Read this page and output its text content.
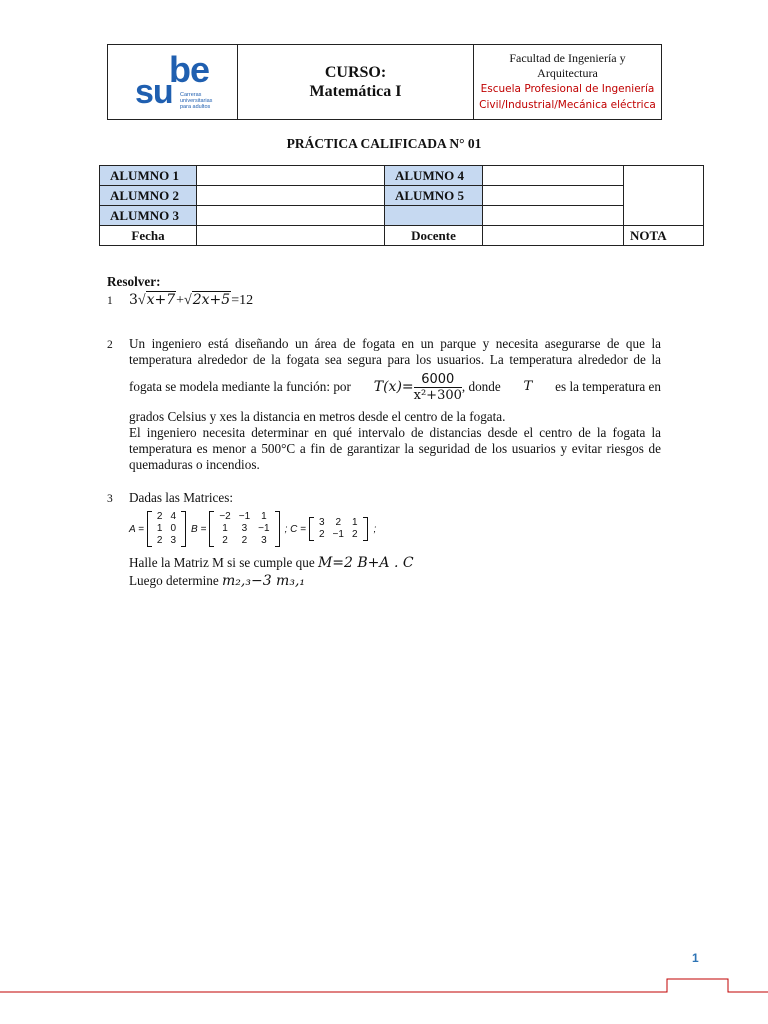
be
su Carreras
universitarias
para adultos
CURSO:
Matemática I
Facultad de Ingeniería y Arquitectura
Escuela Profesional de Ingeniería
Civil/Industrial/Mecánica eléctrica
PRÁCTICA CALIFICADA N° 01
ALUMNO 1		ALUMNO 4		
ALUMNO 2		ALUMNO 5		
ALUMNO 3				
Fecha		Docente		NOTA
Resolver:
1 3√x+7+√2x+5=12
2 Un ingeniero está diseñando un área de fogata en un parque y necesita asegurarse de que la
temperatura alrededor de la fogata sea segura para los usuarios. La temperatura alrededor de la
fogata se modela mediante la función: por $T(x)= \frac{6000}{\text{x²+300}}$ , donde T es la temperatura en
grados Celsius y xes la distancia en metros desde el centro de la fogata.
El ingeniero necesita determinar en qué intervalo de distancias desde el centro de la fogata la
temperatura es menor a 500°C a fin de garantizar la seguridad de los usuarios y evitar riesgos de
quemaduras o incendios.
3 Dadas las Matrices:
A =
2	4
1	0
2	3
B =
−2	−1	1
1	3	−1
2	2	3
; C =
3	2	1
2	−1	2 ;
Halle la Matriz M si se cumple que M=2 B+A . C
Luego determine m₂,₃−3 m₃,₁
1
